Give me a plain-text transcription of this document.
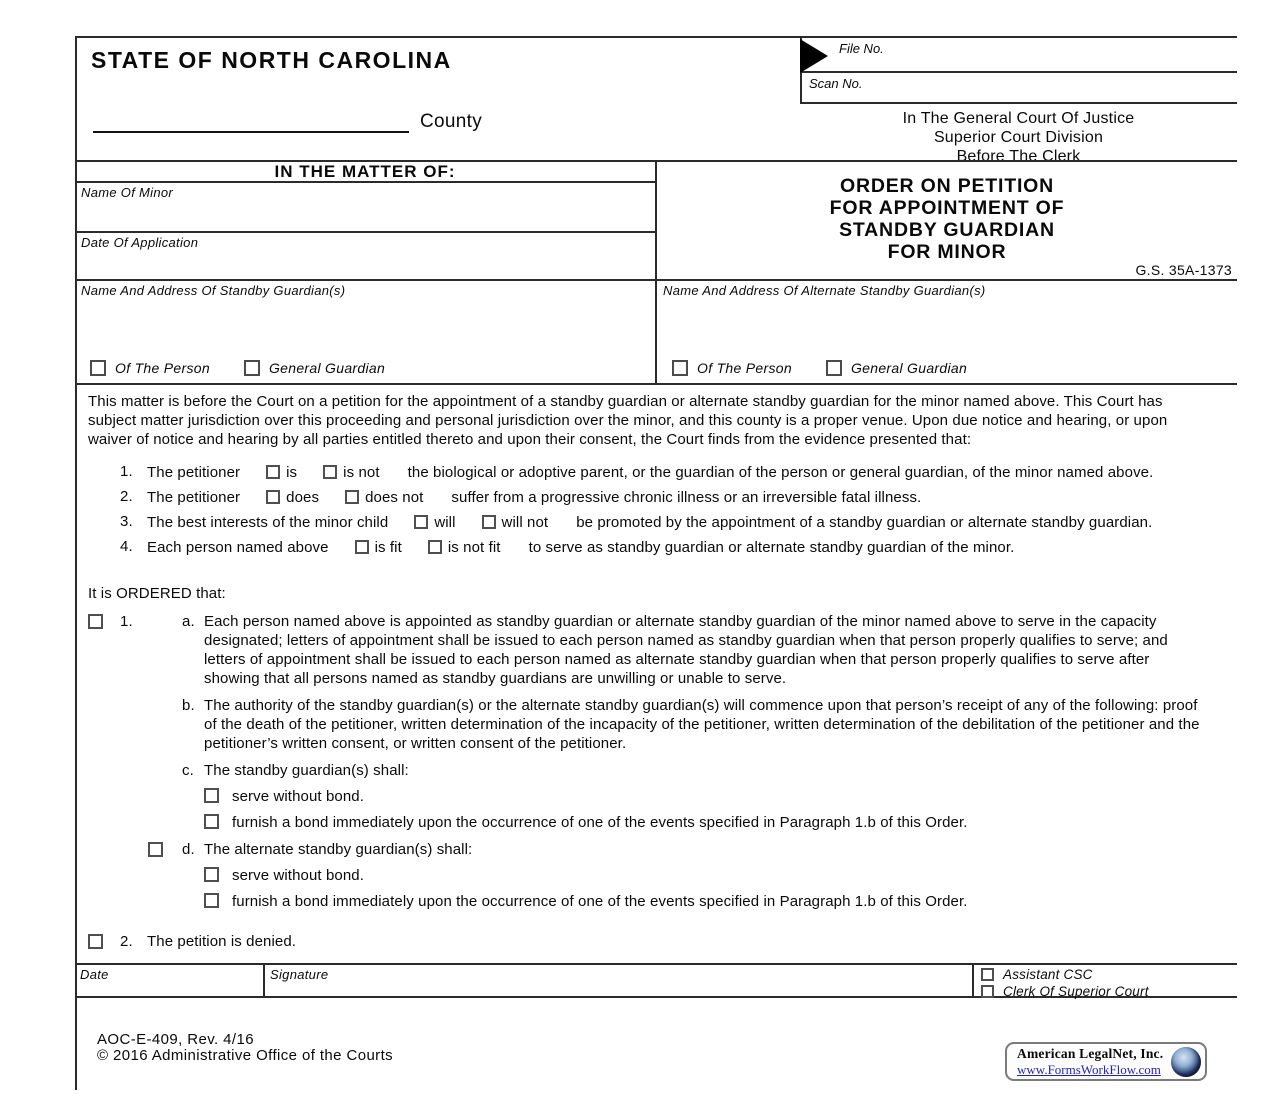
STATE OF NORTH CAROLINA
County
File No.
Scan No.
In The General Court Of Justice
Superior Court Division
Before The Clerk
IN THE MATTER OF:
Name Of Minor
Date Of Application
Name And Address Of Standby Guardian(s)
Of The Person	General Guardian
ORDER ON PETITION
FOR APPOINTMENT OF
STANDBY GUARDIAN
FOR MINOR
G.S. 35A-1373
Name And Address Of Alternate Standby Guardian(s)
Of The Person	General Guardian

This matter is before the Court on a petition for the appointment of a standby guardian or alternate standby guardian for the minor named above. This Court has subject matter jurisdiction over this proceeding and personal jurisdiction over the minor, and this county is a proper venue. Upon due notice and hearing, or upon waiver of notice and hearing by all parties entitled thereto and upon their consent, the Court finds from the evidence presented that:

1. The petitioner	is	is not the biological or adoptive parent, or the guardian of the person or general guardian, of the minor named above.
2. The petitioner	does	does not suffer from a progressive chronic illness or an irreversible fatal illness.
3. The best interests of the minor child	will	will not be promoted by the appointment of a standby guardian or alternate standby guardian.
4. Each person named above	is fit	is not fit to serve as standby guardian or alternate standby guardian of the minor.
It is ORDERED that:
1.	a. Each person named above is appointed as standby guardian or alternate standby guardian of the minor named above to serve in the capacity designated; letters of appointment shall be issued to each person named as standby guardian when that person properly qualifies to serve; and letters of appointment shall be issued to each person named as alternate standby guardian when that person properly qualifies to serve after showing that all persons named as standby guardians are unwilling or unable to serve.
b. The authority of the standby guardian(s) or the alternate standby guardian(s) will commence upon that person’s receipt of any of the following: proof of the death of the petitioner, written determination of the incapacity of the petitioner, written determination of the debilitation of the petitioner and the petitioner’s written consent, or written consent of the petitioner.
c. The standby guardian(s) shall:
serve without bond.
furnish a bond immediately upon the occurrence of one of the events specified in Paragraph 1.b of this Order.
d. The alternate standby guardian(s) shall:
serve without bond.
furnish a bond immediately upon the occurrence of one of the events specified in Paragraph 1.b of this Order.
2. The petition is denied.
Date	Signature	Assistant CSC
Clerk Of Superior Court
AOC-E-409, Rev. 4/16
© 2016 Administrative Office of the Courts	American LegalNet, Inc.
www.FormsWorkFlow.com
